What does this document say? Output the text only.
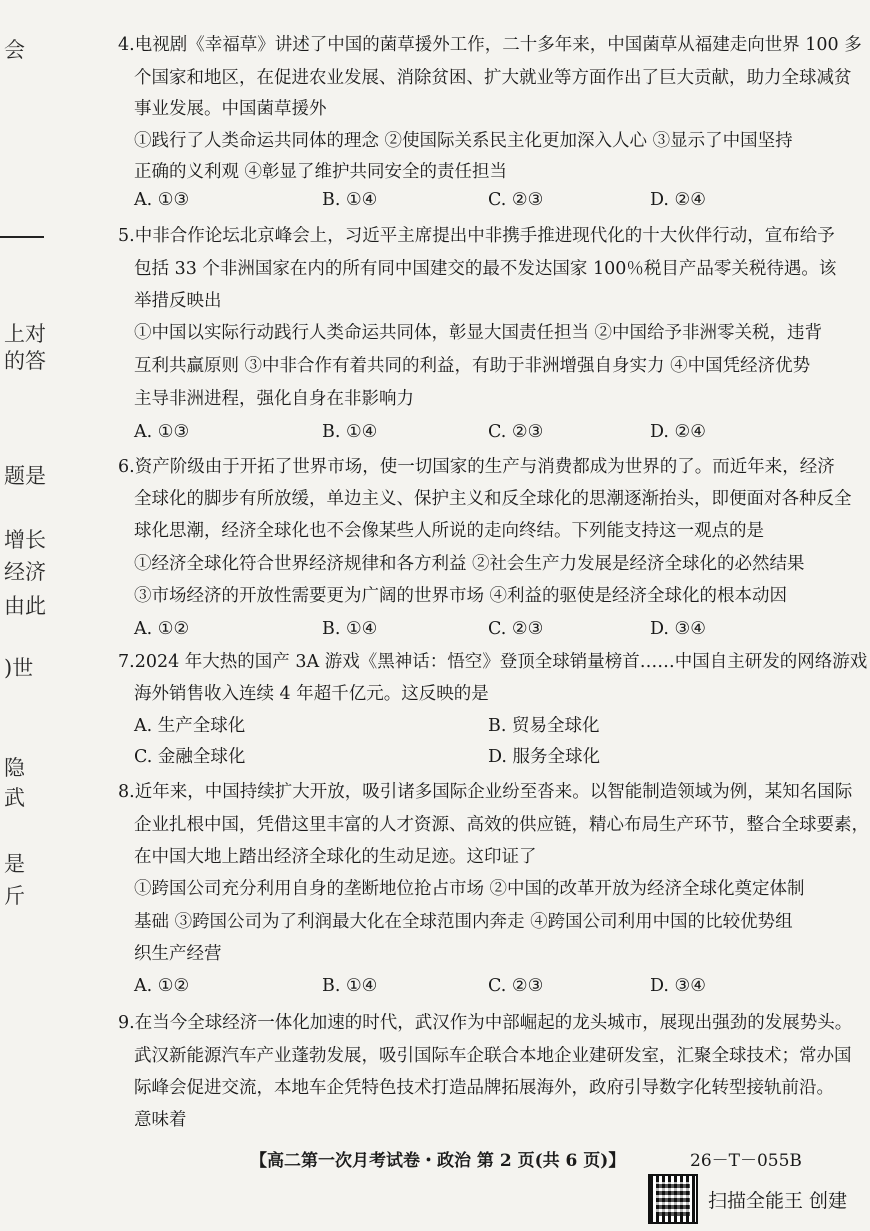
会
上对
的答
题是
增长
经济
由此
)世
隐
武
是
斤
4.电视剧《幸福草》讲述了中国的菌草援外工作，二十多年来，中国菌草从福建走向世界 100 多
个国家和地区，在促进农业发展、消除贫困、扩大就业等方面作出了巨大贡献，助力全球减贫
事业发展。中国菌草援外
①践行了人类命运共同体的理念 ②使国际关系民主化更加深入人心 ③显示了中国坚持
正确的义利观 ④彰显了维护共同安全的责任担当
A. ①③	B. ①④	C. ②③	D. ②④
5.中非合作论坛北京峰会上，习近平主席提出中非携手推进现代化的十大伙伴行动，宣布给予
包括 33 个非洲国家在内的所有同中国建交的最不发达国家 100％税目产品零关税待遇。该
举措反映出
①中国以实际行动践行人类命运共同体，彰显大国责任担当 ②中国给予非洲零关税，违背
互利共赢原则 ③中非合作有着共同的利益，有助于非洲增强自身实力 ④中国凭经济优势
主导非洲进程，强化自身在非影响力
A. ①③	B. ①④	C. ②③	D. ②④
6.资产阶级由于开拓了世界市场，使一切国家的生产与消费都成为世界的了。而近年来，经济
全球化的脚步有所放缓，单边主义、保护主义和反全球化的思潮逐渐抬头，即便面对各种反全
球化思潮，经济全球化也不会像某些人所说的走向终结。下列能支持这一观点的是
①经济全球化符合世界经济规律和各方利益 ②社会生产力发展是经济全球化的必然结果
③市场经济的开放性需要更为广阔的世界市场 ④利益的驱使是经济全球化的根本动因
A. ①②	B. ①④	C. ②③	D. ③④
7.2024 年大热的国产 3A 游戏《黑神话：悟空》登顶全球销量榜首……中国自主研发的网络游戏
海外销售收入连续 4 年超千亿元。这反映的是
A. 生产全球化	B. 贸易全球化
C. 金融全球化	D. 服务全球化
8.近年来，中国持续扩大开放，吸引诸多国际企业纷至沓来。以智能制造领域为例，某知名国际
企业扎根中国，凭借这里丰富的人才资源、高效的供应链，精心布局生产环节，整合全球要素，
在中国大地上踏出经济全球化的生动足迹。这印证了
①跨国公司充分利用自身的垄断地位抢占市场 ②中国的改革开放为经济全球化奠定体制
基础 ③跨国公司为了利润最大化在全球范围内奔走 ④跨国公司利用中国的比较优势组
织生产经营
A. ①②	B. ①④	C. ②③	D. ③④
9.在当今全球经济一体化加速的时代，武汉作为中部崛起的龙头城市，展现出强劲的发展势头。
武汉新能源汽车产业蓬勃发展，吸引国际车企联合本地企业建研发室，汇聚全球技术；常办国
际峰会促进交流，本地车企凭特色技术打造品牌拓展海外，政府引导数字化转型接轨前沿。
意味着
【高二第一次月考试卷・政治 第 2 页(共 6 页)】	26－T－055B
扫描全能王 创建
